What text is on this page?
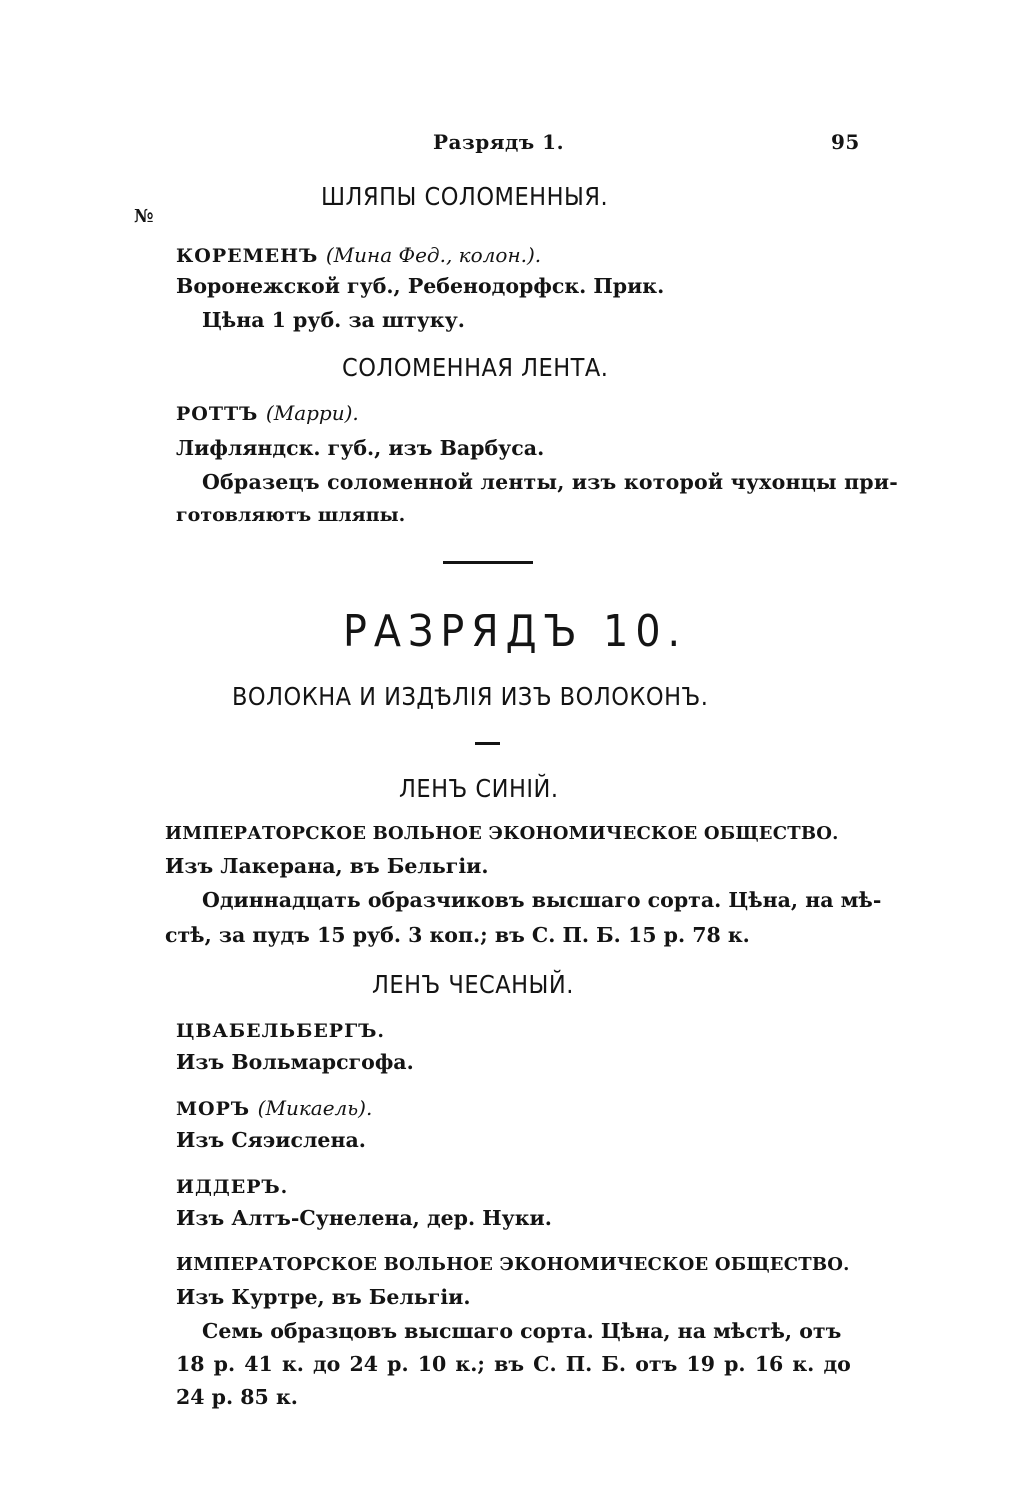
Разрядъ 1.	95
ШЛЯПЫ СОЛОМЕННЫЯ.
№
КОРЕМЕНЪ (Мина Фед., колон.).
Воронежской губ., Ребенодорфск. Прик.
Цѣна 1 руб. за штуку.
СОЛОМЕННАЯ ЛЕНТА.
РОТТЪ (Марри).
Лифляндск. губ., изъ Варбуса.
Образецъ соломенной ленты, изъ которой чухонцы при-
готовляютъ шляпы.
РАЗРЯДЪ 10.
ВОЛОКНА И ИЗДѢЛІЯ ИЗЪ ВОЛОКОНЪ.
ЛЕНЪ СИНІЙ.
ИМПЕРАТОРСКОЕ ВОЛЬНОЕ ЭКОНОМИЧЕСКОЕ ОБЩЕСТВО.
Изъ Лакерана, въ Бельгіи.
Одиннадцать образчиковъ высшаго сорта. Цѣна, на мѣ-
стѣ, за пудъ 15 руб. 3 коп.; въ С. П. Б. 15 р. 78 к.
ЛЕНЪ ЧЕСАНЫЙ.
ЦВАБЕЛЬБЕРГЪ.
Изъ Вольмарсгофа.
МОРЪ (Микаель).
Изъ Сяэислена.
ИДДЕРЪ.
Изъ Алтъ-Сунелена, дер. Нуки.
ИМПЕРАТОРСКОЕ ВОЛЬНОЕ ЭКОНОМИЧЕСКОЕ ОБЩЕСТВО.
Изъ Куртре, въ Бельгіи.
Семь образцовъ высшаго сорта. Цѣна, на мѣстѣ, отъ
18 р. 41 к. до 24 р. 10 к.; въ С. П. Б. отъ 19 р. 16 к. до
24 р. 85 к.
